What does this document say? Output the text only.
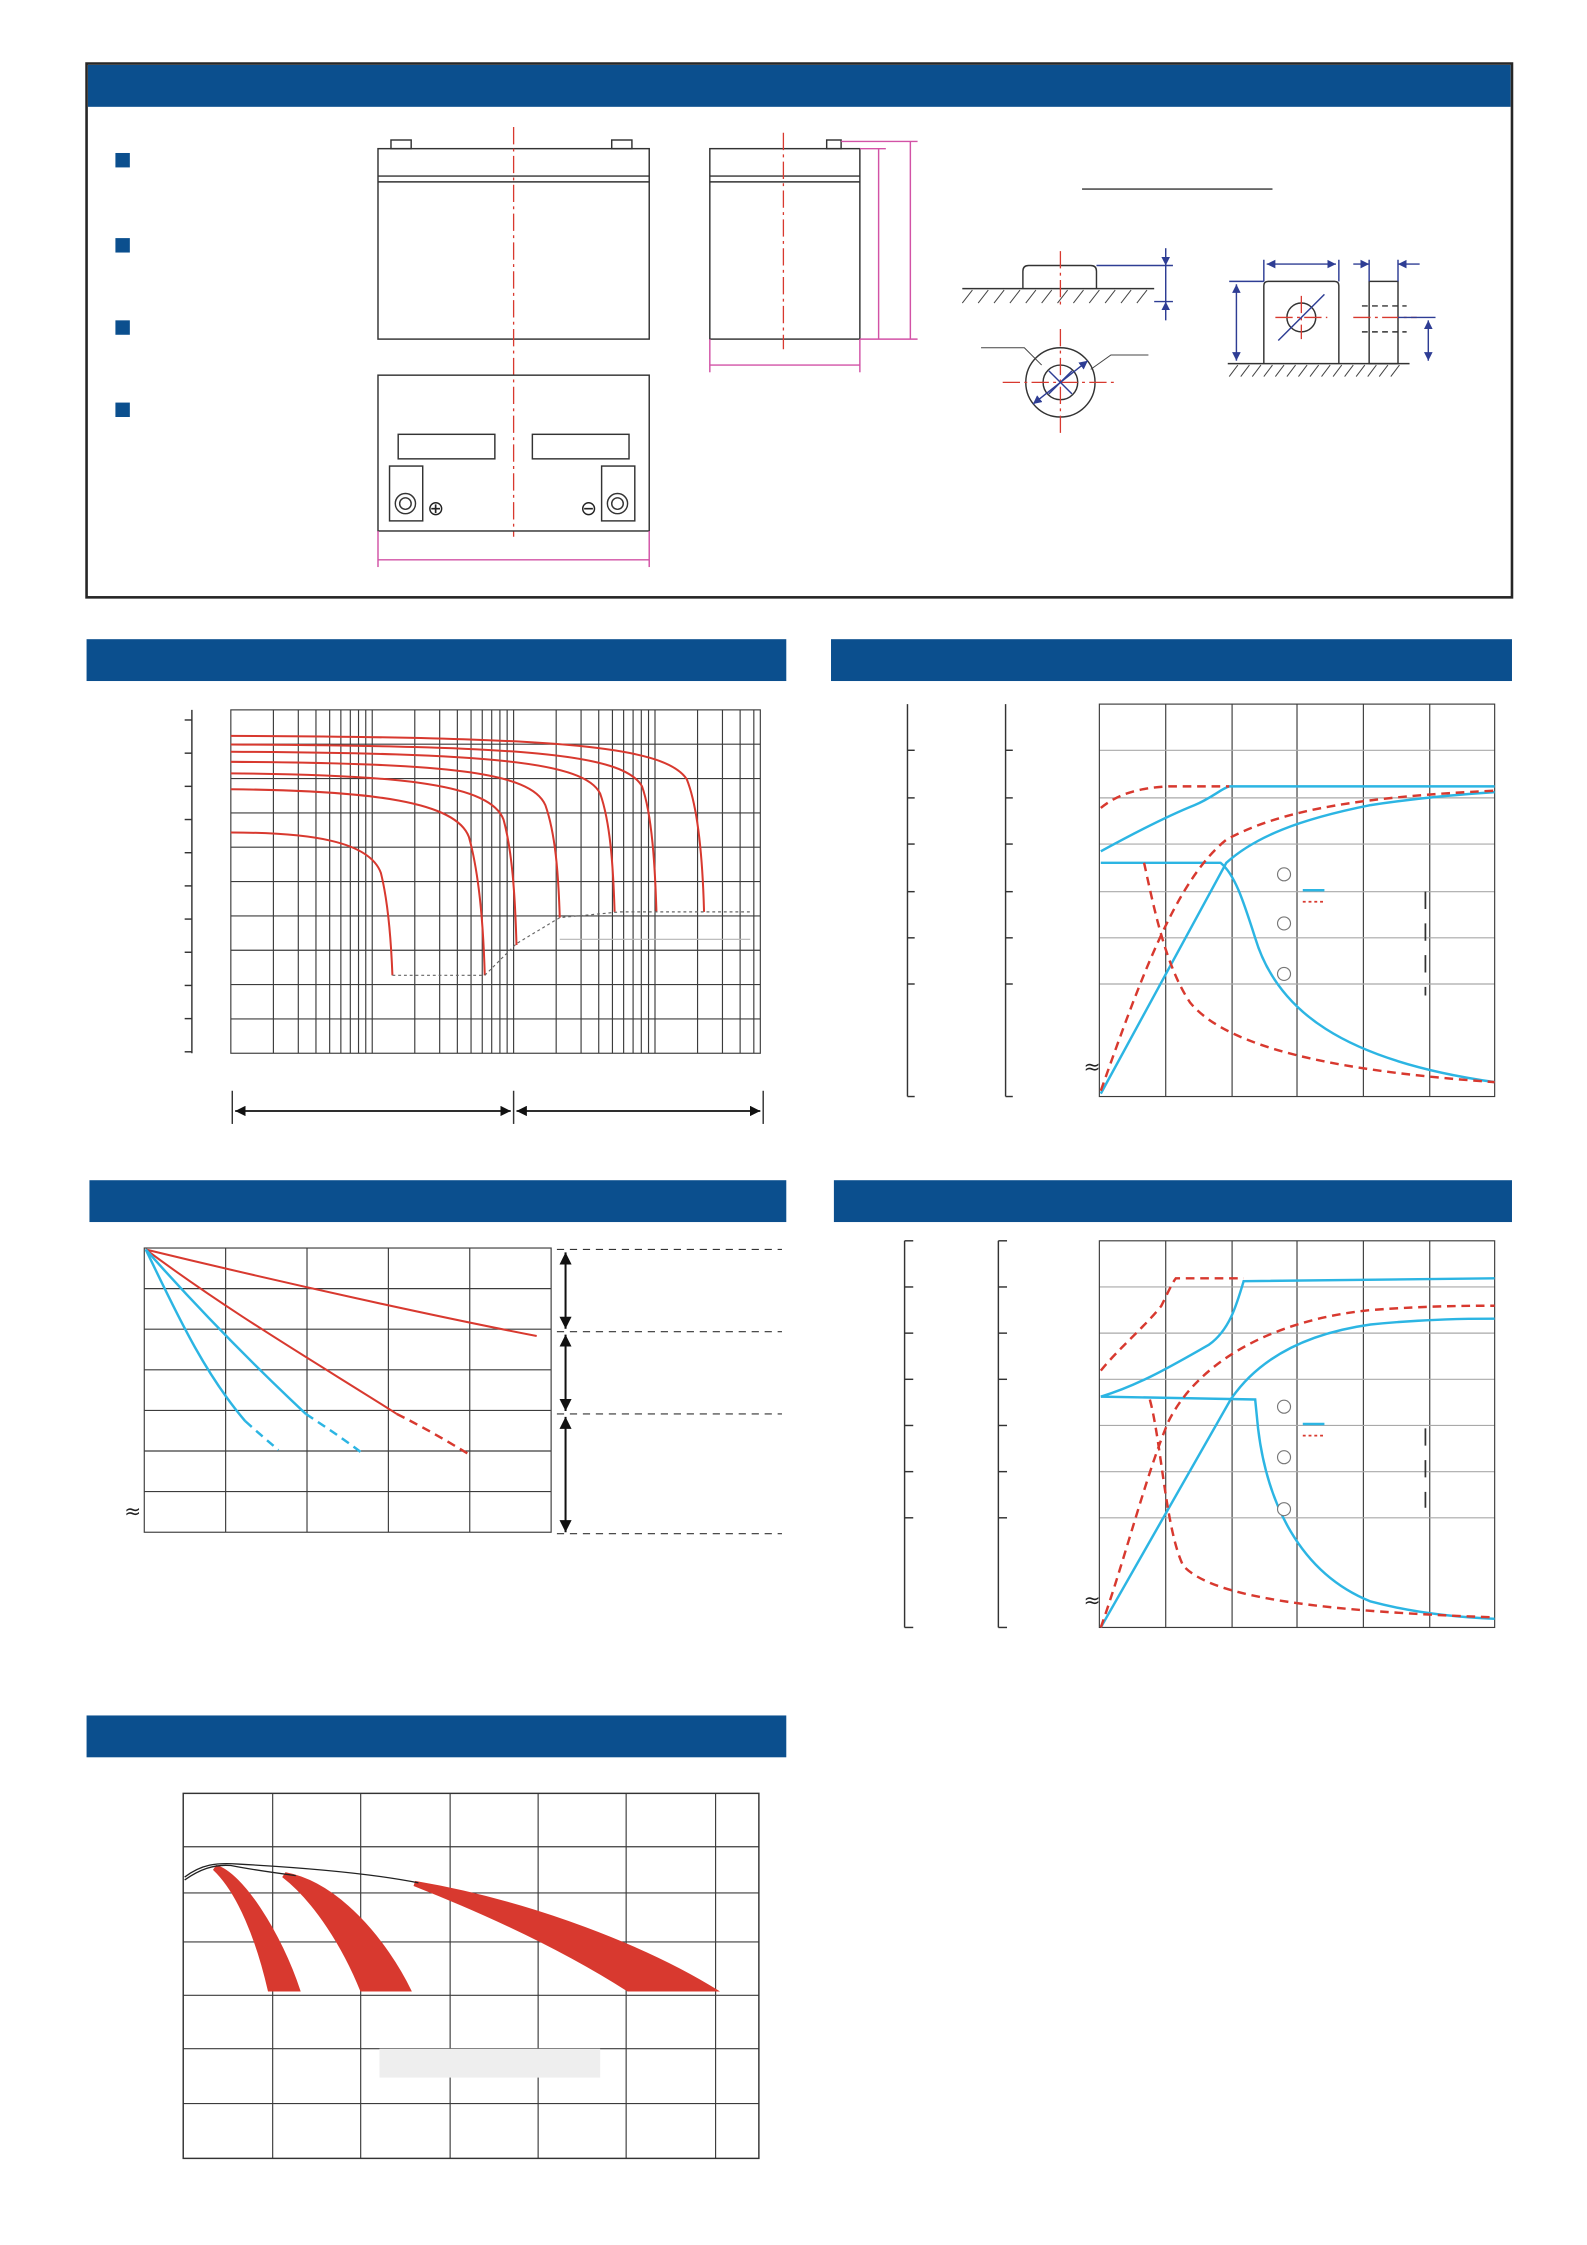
⊕	⊖
≈
≈
≈
